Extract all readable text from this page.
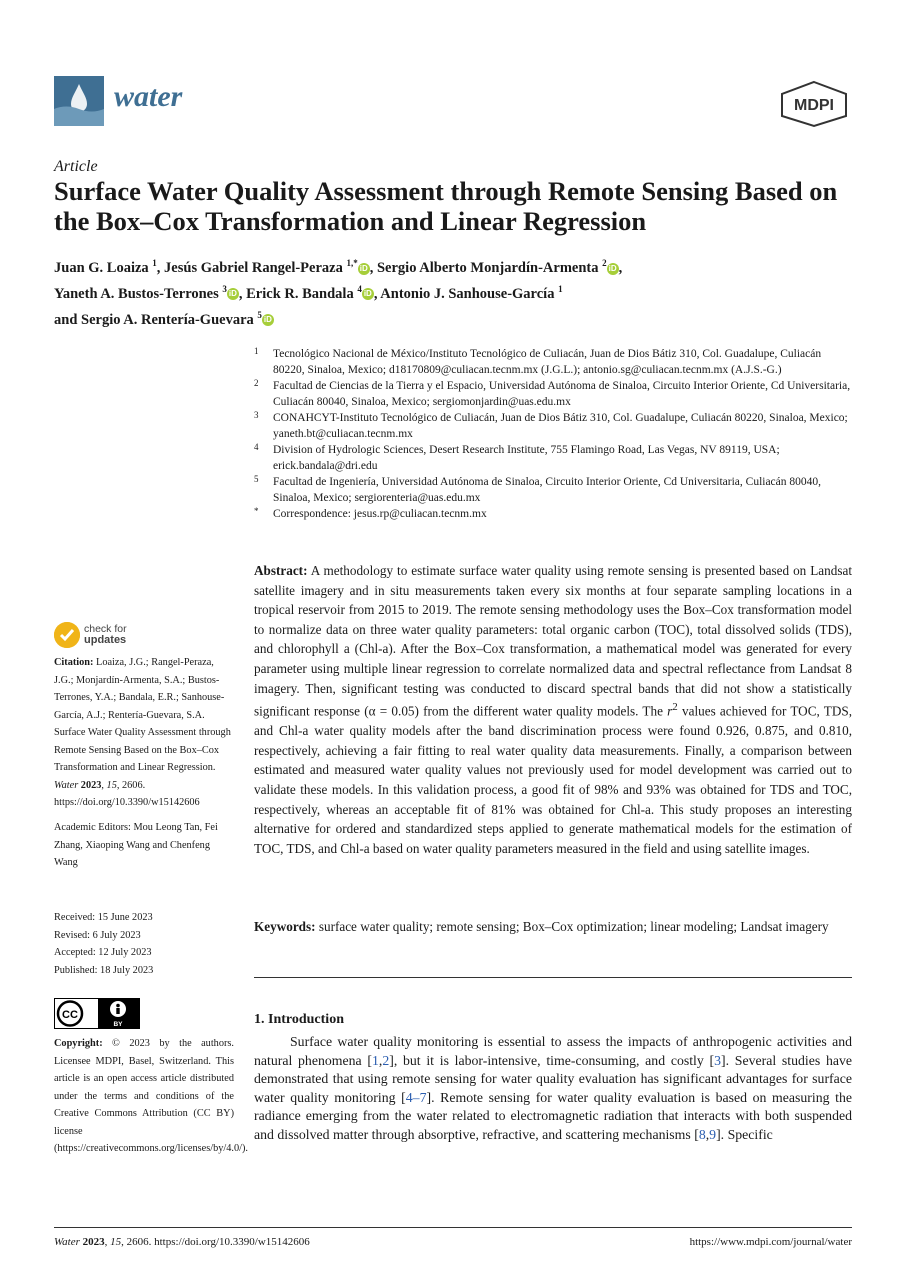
water	MDPI
Article
Surface Water Quality Assessment through Remote Sensing Based on the Box–Cox Transformation and Linear Regression
Juan G. Loaiza $^1$, Jesús Gabriel Rangel-Peraza $^{1,*}$ iD , Sergio Alberto Monjardín-Armenta $^2$ iD ,
Yaneth A. Bustos-Terrones $^3$ iD , Erick R. Bandala $^4$ iD , Antonio J. Sanhouse-García $^1$
and Sergio A. Rentería-Guevara $^5$ iD
1 Tecnológico Nacional de México/Instituto Tecnológico de Culiacán, Juan de Dios Bátiz 310, Col. Guadalupe, Culiacán 80220, Sinaloa, Mexico; d18170809@culiacan.tecnm.mx (J.G.L.); antonio.sg@culiacan.tecnm.mx (A.J.S.-G.)
2 Facultad de Ciencias de la Tierra y el Espacio, Universidad Autónoma de Sinaloa, Circuito Interior Oriente, Cd Universitaria, Culiacán 80040, Sinaloa, Mexico; sergiomonjardin@uas.edu.mx
3 CONAHCYT-Instituto Tecnológico de Culiacán, Juan de Dios Bátiz 310, Col. Guadalupe, Culiacán 80220, Sinaloa, Mexico; yaneth.bt@culiacan.tecnm.mx
4 Division of Hydrologic Sciences, Desert Research Institute, 755 Flamingo Road, Las Vegas, NV 89119, USA; erick.bandala@dri.edu
5 Facultad de Ingeniería, Universidad Autónoma de Sinaloa, Circuito Interior Oriente, Cd Universitaria, Culiacán 80040, Sinaloa, Mexico; sergiorenteria@uas.edu.mx
* Correspondence: jesus.rp@culiacan.tecnm.mx
Abstract: A methodology to estimate surface water quality using remote sensing is presented based on Landsat satellite imagery and in situ measurements taken every six months at four separate sampling locations in a tropical reservoir from 2015 to 2019. The remote sensing methodology uses the Box–Cox transformation model to normalize data on three water quality parameters: total organic carbon (TOC), total dissolved solids (TDS), and chlorophyll a (Chl-a). After the Box–Cox transformation, a mathematical model was generated for every parameter using multiple linear regression to correlate normalized data and spectral reflectance from Landsat 8 imagery. Then, significant testing was conducted to discard spectral bands that did not show a statistically significant response (α = 0.05) from the different water quality models. The $r^2$ values achieved for TOC, TDS, and Chl-a water quality models after the band discrimination process were found 0.926, 0.875, and 0.810, respectively, achieving a fair fitting to real water quality data measurements. Finally, a comparison between estimated and measured water quality values not previously used for model development was carried out to validate these models. In this validation process, a good fit of 98% and 93% was obtained for TDS and TOC, respectively, whereas an acceptable fit of 81% was obtained for Chl-a. This study proposes an interesting alternative for ordered and standardized steps applied to generate mathematical models for the estimation of TOC, TDS, and Chl-a based on water quality parameters measured in the field and using satellite images.
Keywords: surface water quality; remote sensing; Box–Cox optimization; linear modeling; Landsat imagery
1. Introduction
Surface water quality monitoring is essential to assess the impacts of anthropogenic activities and natural phenomena [1,2], but it is labor-intensive, time-consuming, and costly [3]. Several studies have demonstrated that using remote sensing for water quality evaluation has significant advantages for surface water quality monitoring [4–7]. Remote sensing for water quality evaluation is based on measuring the radiance emerging from the water related to electromagnetic radiation that interacts with both suspended and dissolved matter through absorptive, refractive, and scattering mechanisms [8,9]. Specific
check for
updates
Citation: Loaiza, J.G.; Rangel-Peraza, J.G.; Monjardín-Armenta, S.A.; Bustos-Terrones, Y.A.; Bandala, E.R.; Sanhouse-García, A.J.; Rentería-Guevara, S.A. Surface Water Quality Assessment through Remote Sensing Based on the Box–Cox Transformation and Linear Regression. Water 2023, 15, 2606. https://doi.org/10.3390/w15142606
Academic Editors: Mou Leong Tan, Fei Zhang, Xiaoping Wang and Chenfeng Wang
Received: 15 June 2023
Revised: 6 July 2023
Accepted: 12 July 2023
Published: 18 July 2023
CC
BY
Copyright: © 2023 by the authors. Licensee MDPI, Basel, Switzerland. This article is an open access article distributed under the terms and conditions of the Creative Commons Attribution (CC BY) license (https://creativecommons.org/licenses/by/4.0/).
Water 2023, 15, 2606. https://doi.org/10.3390/w15142606	https://www.mdpi.com/journal/water
